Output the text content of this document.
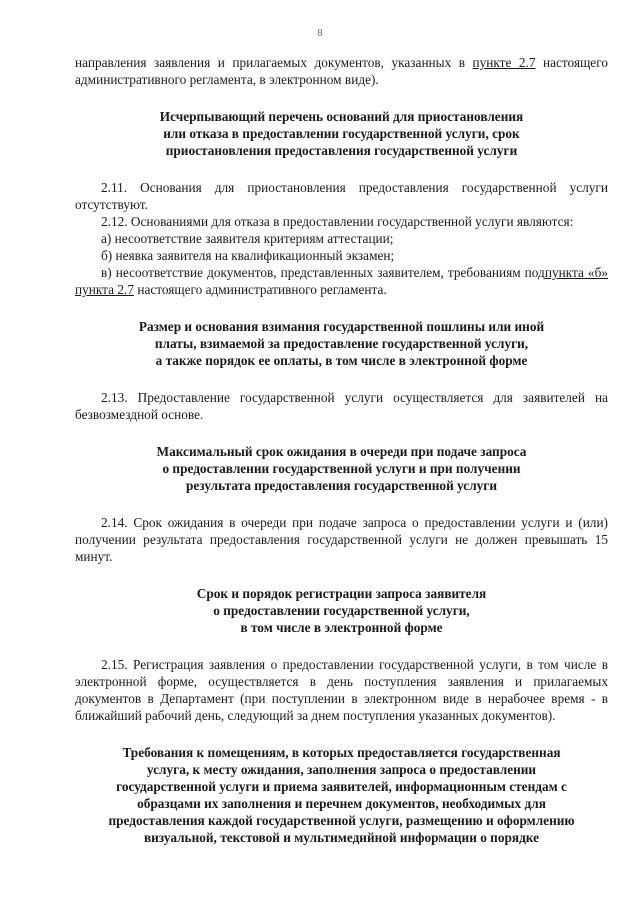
8

направления заявления и прилагаемых документов, указанных в пункте 2.7 настоящего административного регламента, в электронном виде).

Исчерпывающий перечень оснований для приостановления
или отказа в предоставлении государственной услуги, срок
приостановления предоставления государственной услуги

2.11. Основания для приостановления предоставления государственной услуги отсутствуют.

2.12. Основаниями для отказа в предоставлении государственной услуги являются:

а) несоответствие заявителя критериям аттестации;

б) неявка заявителя на квалификационный экзамен;

в) несоответствие документов, представленных заявителем, требованиям подпункта «б» пункта 2.7 настоящего административного регламента.

Размер и основания взимания государственной пошлины или иной
платы, взимаемой за предоставление государственной услуги,
а также порядок ее оплаты, в том числе в электронной форме

2.13. Предоставление государственной услуги осуществляется для заявителей на безвозмездной основе.

Максимальный срок ожидания в очереди при подаче запроса
о предоставлении государственной услуги и при получении
результата предоставления государственной услуги

2.14. Срок ожидания в очереди при подаче запроса о предоставлении услуги и (или) получении результата предоставления государственной услуги не должен превышать 15 минут.

Срок и порядок регистрации запроса заявителя
о предоставлении государственной услуги,
в том числе в электронной форме

2.15. Регистрация заявления о предоставлении государственной услуги, в том числе в электронной форме, осуществляется в день поступления заявления и прилагаемых документов в Департамент (при поступлении в электронном виде в нерабочее время - в ближайший рабочий день, следующий за днем поступления указанных документов).

Требования к помещениям, в которых предоставляется государственная
услуга, к месту ожидания, заполнения запроса о предоставлении
государственной услуги и приема заявителей, информационным стендам с
образцами их заполнения и перечнем документов, необходимых для
предоставления каждой государственной услуги, размещению и оформлению
визуальной, текстовой и мультимедийной информации о порядке
